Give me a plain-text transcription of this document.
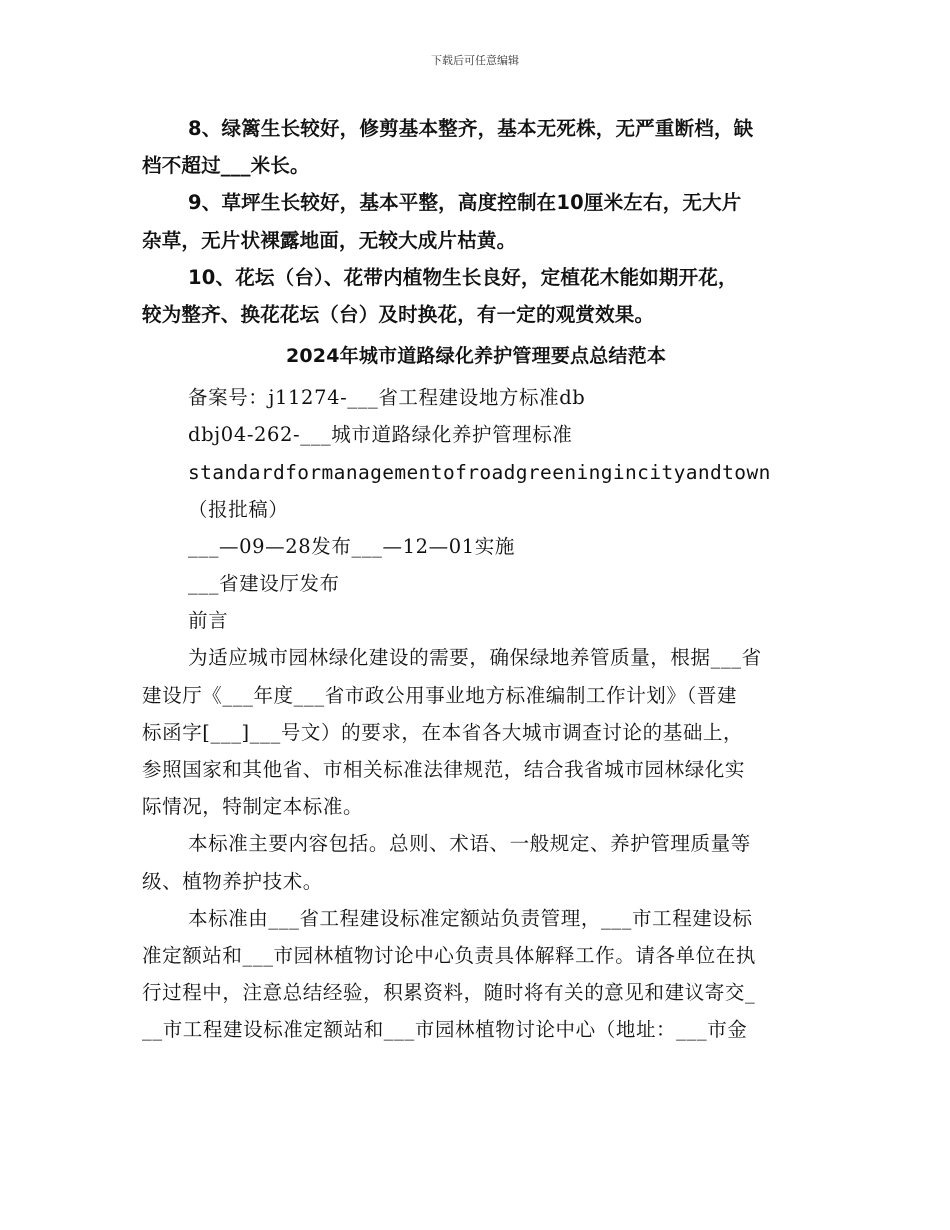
下载后可任意编辑
8、绿篱生长较好，修剪基本整齐，基本无死株，无严重断档，缺
档不超过___米长。
9、草坪生长较好，基本平整，高度控制在10厘米左右，无大片
杂草，无片状裸露地面，无较大成片枯黄。
10、花坛（台）、花带内植物生长良好，定植花木能如期开花，
较为整齐、换花花坛（台）及时换花，有一定的观赏效果。
2024年城市道路绿化养护管理要点总结范本
备案号：j11274-___省工程建设地方标准db
dbj04-262-___城市道路绿化养护管理标准
standardformanagementofroadgreeningincityandtown
（报批稿）
___—09—28发布___—12—01实施
___省建设厅发布
前言
为适应城市园林绿化建设的需要，确保绿地养管质量，根据___省
建设厅《___年度___省市政公用事业地方标准编制工作计划》（晋建
标函字[___]___号文）的要求，在本省各大城市调查讨论的基础上，
参照国家和其他省、市相关标准法律规范，结合我省城市园林绿化实
际情况，特制定本标准。
本标准主要内容包括。总则、术语、一般规定、养护管理质量等
级、植物养护技术。
本标准由___省工程建设标准定额站负责管理，___市工程建设标
准定额站和___市园林植物讨论中心负责具体解释工作。请各单位在执
行过程中，注意总结经验，积累资料，随时将有关的意见和建议寄交_
__市工程建设标准定额站和___市园林植物讨论中心（地址：___市金
